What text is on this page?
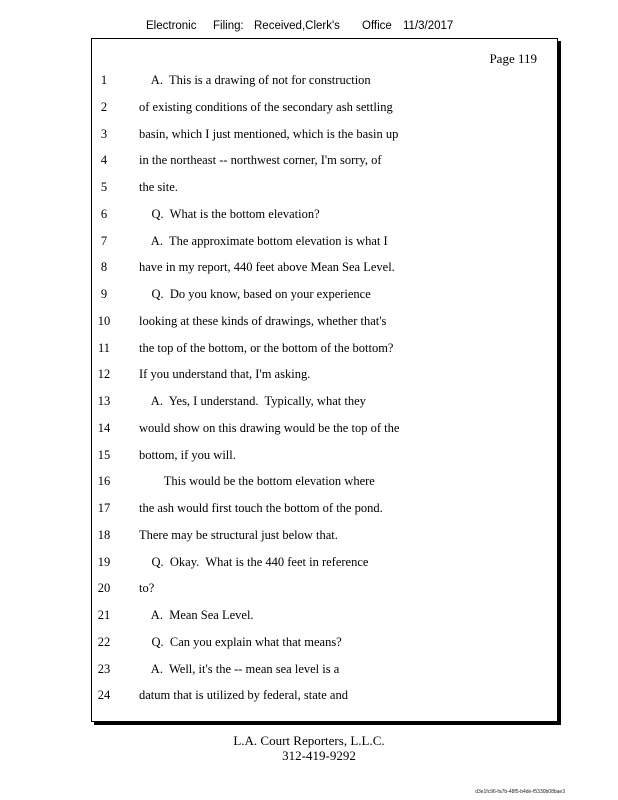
Electronic Filing: Received,Clerk's Office 11/3/2017
Page 119
1	A.  This is a drawing of not for construction
2	of existing conditions of the secondary ash settling
3	basin, which I just mentioned, which is the basin up
4	in the northeast -- northwest corner, I'm sorry, of
5	the site.
6	Q.  What is the bottom elevation?
7	A.  The approximate bottom elevation is what I
8	have in my report, 440 feet above Mean Sea Level.
9	Q.  Do you know, based on your experience
10	looking at these kinds of drawings, whether that's
11	the top of the bottom, or the bottom of the bottom?
12	If you understand that, I'm asking.
13	A.  Yes, I understand.  Typically, what they
14	would show on this drawing would be the top of the
15	bottom, if you will.
16	This would be the bottom elevation where
17	the ash would first touch the bottom of the pond.
18	There may be structural just below that.
19	Q.  Okay.  What is the 440 feet in reference
20	to?
21	A.  Mean Sea Level.
22	Q.  Can you explain what that means?
23	A.  Well, it's the -- mean sea level is a
24	datum that is utilized by federal, state and
L.A. Court Reporters, L.L.C.
312-419-9292
d3e1fc96-fa7b-48f5-b4de-f5330b08bae3
